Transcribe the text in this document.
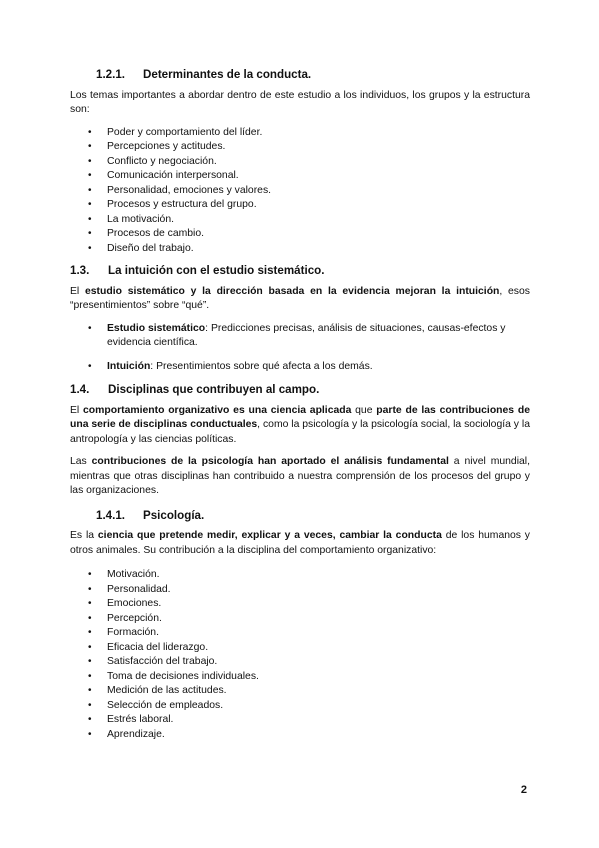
1.2.1.	Determinantes de la conducta.

Los temas importantes a abordar dentro de este estudio a los individuos, los grupos y la estructura son:

• Poder y comportamiento del líder.
• Percepciones y actitudes.
• Conflicto y negociación.
• Comunicación interpersonal.
• Personalidad, emociones y valores.
• Procesos y estructura del grupo.
• La motivación.
• Procesos de cambio.
• Diseño del trabajo.
1.3.	La intuición con el estudio sistemático.

El estudio sistemático y la dirección basada en la evidencia mejoran la intuición, esos “presentimientos” sobre “qué”.

• Estudio sistemático: Predicciones precisas, análisis de situaciones, causas-efectos y evidencia científica.
• Intuición: Presentimientos sobre qué afecta a los demás.
1.4.	Disciplinas que contribuyen al campo.

El comportamiento organizativo es una ciencia aplicada que parte de las contribuciones de una serie de disciplinas conductuales, como la psicología y la psicología social, la sociología y la antropología y las ciencias políticas.

Las contribuciones de la psicología han aportado el análisis fundamental a nivel mundial, mientras que otras disciplinas han contribuido a nuestra comprensión de los procesos del grupo y las organizaciones.

1.4.1.	Psicología.

Es la ciencia que pretende medir, explicar y a veces, cambiar la conducta de los humanos y otros animales. Su contribución a la disciplina del comportamiento organizativo:

• Motivación.
• Personalidad.
• Emociones.
• Percepción.
• Formación.
• Eficacia del liderazgo.
• Satisfacción del trabajo.
• Toma de decisiones individuales.
• Medición de las actitudes.
• Selección de empleados.
• Estrés laboral.
• Aprendizaje.
2
